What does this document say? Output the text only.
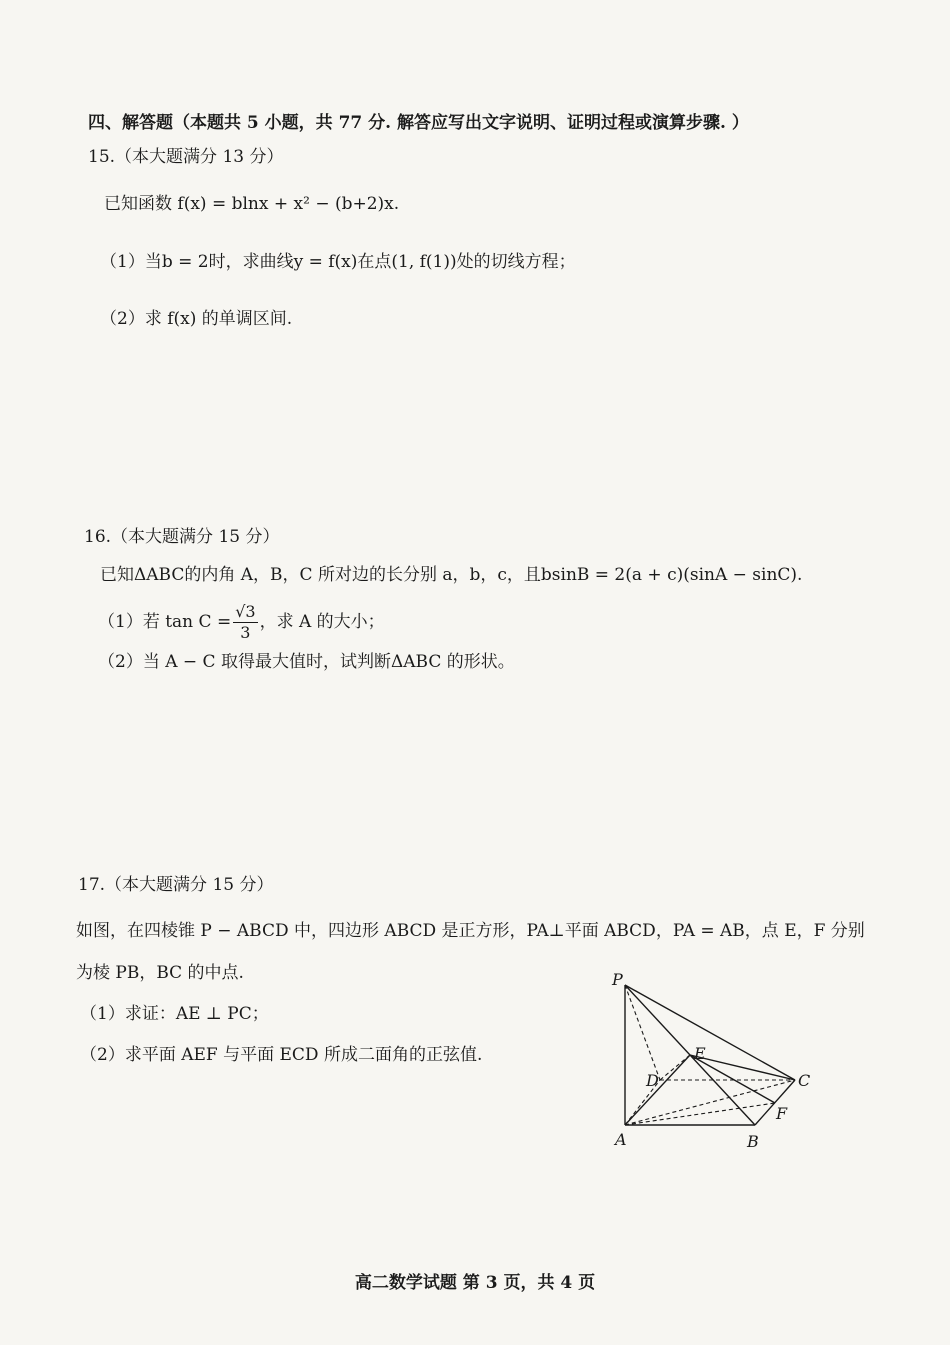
四、解答题（本题共 5 小题，共 77 分. 解答应写出文字说明、证明过程或演算步骤. ）
15.（本大题满分 13 分）
已知函数 f(x) = blnx + x² − (b+2)x.
（1）当b = 2时，求曲线y = f(x)在点(1, f(1))处的切线方程；
（2）求 f(x) 的单调区间.
16.（本大题满分 15 分）
已知ΔABC的内角 A，B，C 所对边的长分别 a，b，c，且bsinB = 2(a + c)(sinA − sinC).
（1）若 $\tan C = \frac{√3}{3}$ ，求 A 的大小；
（2）当 A − C 取得最大值时，试判断ΔABC 的形状。
17.（本大题满分 15 分）
如图，在四棱锥 P − ABCD 中，四边形 ABCD 是正方形，PA⊥平面 ABCD，PA = AB，点 E，F 分别
为棱 PB，BC 的中点.
（1）求证：AE ⊥ PC；
（2）求平面 AEF 与平面 ECD 所成二面角的正弦值.
P
A	B
C
D
E
F
高二数学试题 第 3 页，共 4 页
